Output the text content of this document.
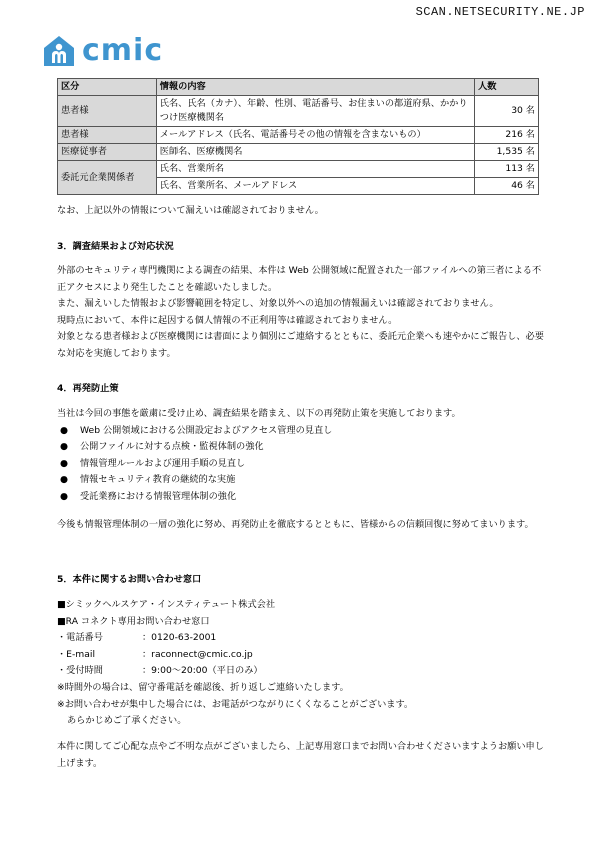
SCAN.NETSECURITY.NE.JP
cmic
区分	情報の内容	人数
患者様	氏名、氏名（カナ）、年齢、性別、電話番号、お住まいの都道府県、かかりつけ医療機関名	30 名
患者様	メールアドレス（氏名、電話番号その他の情報を含まないもの）	216 名
医療従事者	医師名、医療機関名	1,535 名
委託元企業関係者	氏名、営業所名	113 名
	氏名、営業所名、メールアドレス	46 名
なお、上記以外の情報について漏えいは確認されておりません。
3．調査結果および対応状況
外部のセキュリティ専門機関による調査の結果、本件は Web 公開領域に配置された一部ファイルへの第三者による不正アクセスにより発生したことを確認いたしました。
また、漏えいした情報および影響範囲を特定し、対象以外への追加の情報漏えいは確認されておりません。
現時点において、本件に起因する個人情報の不正利用等は確認されておりません。
対象となる患者様および医療機関には書面により個別にご連絡するとともに、委託元企業へも速やかにご報告し、必要な対応を実施しております。
4．再発防止策
当社は今回の事態を厳粛に受け止め、調査結果を踏まえ、以下の再発防止策を実施しております。
●	Web 公開領域における公開設定およびアクセス管理の見直し
●	公開ファイルに対する点検・監視体制の強化
●	情報管理ルールおよび運用手順の見直し
●	情報セキュリティ教育の継続的な実施
●	受託業務における情報管理体制の強化
今後も情報管理体制の一層の強化に努め、再発防止を徹底するとともに、皆様からの信頼回復に努めてまいります。
5．本件に関するお問い合わせ窓口
■シミックヘルスケア・インスティテュート株式会社
■RA コネクト専用お問い合わせ窓口
・電話番号	：0120-63-2001
・E-mail	：raconnect@cmic.co.jp
・受付時間	：9:00～20:00（平日のみ）
※時間外の場合は、留守番電話を確認後、折り返しご連絡いたします。
※お問い合わせが集中した場合には、お電話がつながりにくくなることがございます。
あらかじめご了承ください。
本件に関してご心配な点やご不明な点がございましたら、上記専用窓口までお問い合わせくださいますようお願い申し上げます。
